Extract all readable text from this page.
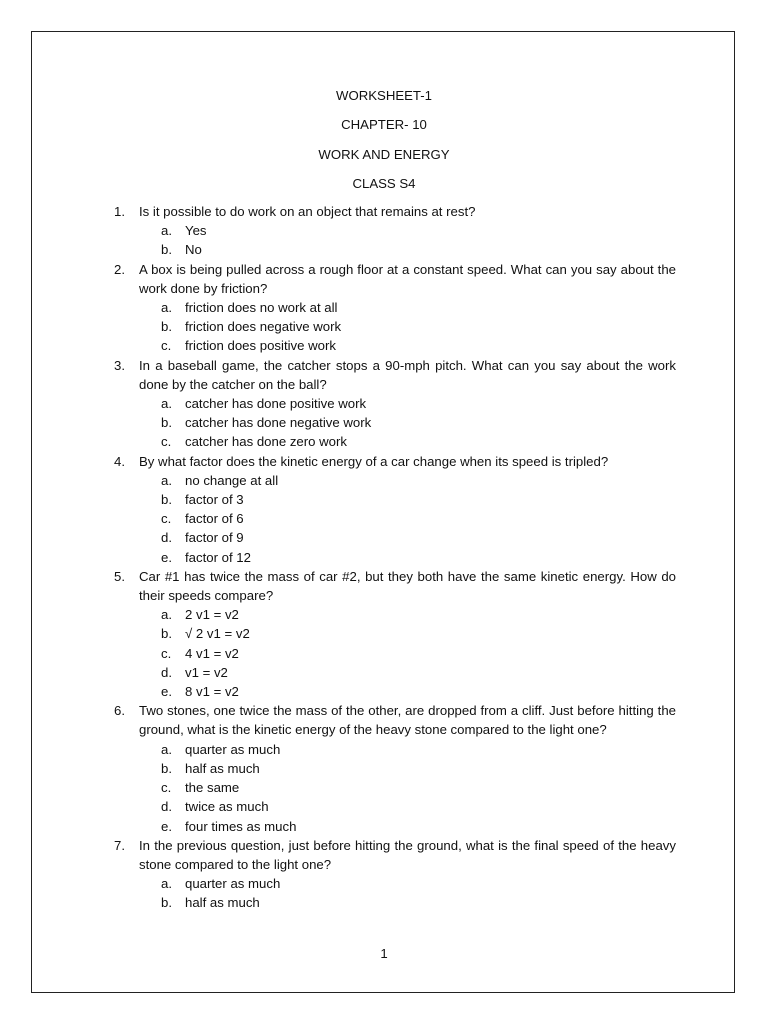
WORKSHEET-1
CHAPTER- 10
WORK AND ENERGY
CLASS S4
1. Is it possible to do work on an object that remains at rest?
a. Yes
b. No
2. A box is being pulled across a rough floor at a constant speed. What can you say about the work done by friction?
a. friction does no work at all
b. friction does negative work
c. friction does positive work
3. In a baseball game, the catcher stops a 90-mph pitch. What can you say about the work done by the catcher on the ball?
a. catcher has done positive work
b. catcher has done negative work
c. catcher has done zero work
4. By what factor does the kinetic energy of a car change when its speed is tripled?
a. no change at all
b. factor of 3
c. factor of 6
d. factor of 9
e. factor of 12
5. Car #1 has twice the mass of car #2, but they both have the same kinetic energy. How do their speeds compare?
a. 2 v1 = v2
b. √ 2 v1 = v2
c. 4 v1 = v2
d. v1 = v2
e. 8 v1 = v2
6. Two stones, one twice the mass of the other, are dropped from a cliff. Just before hitting the ground, what is the kinetic energy of the heavy stone compared to the light one?
a. quarter as much
b. half as much
c. the same
d. twice as much
e. four times as much
7. In the previous question, just before hitting the ground, what is the final speed of the heavy stone compared to the light one?
a. quarter as much
b. half as much
1
